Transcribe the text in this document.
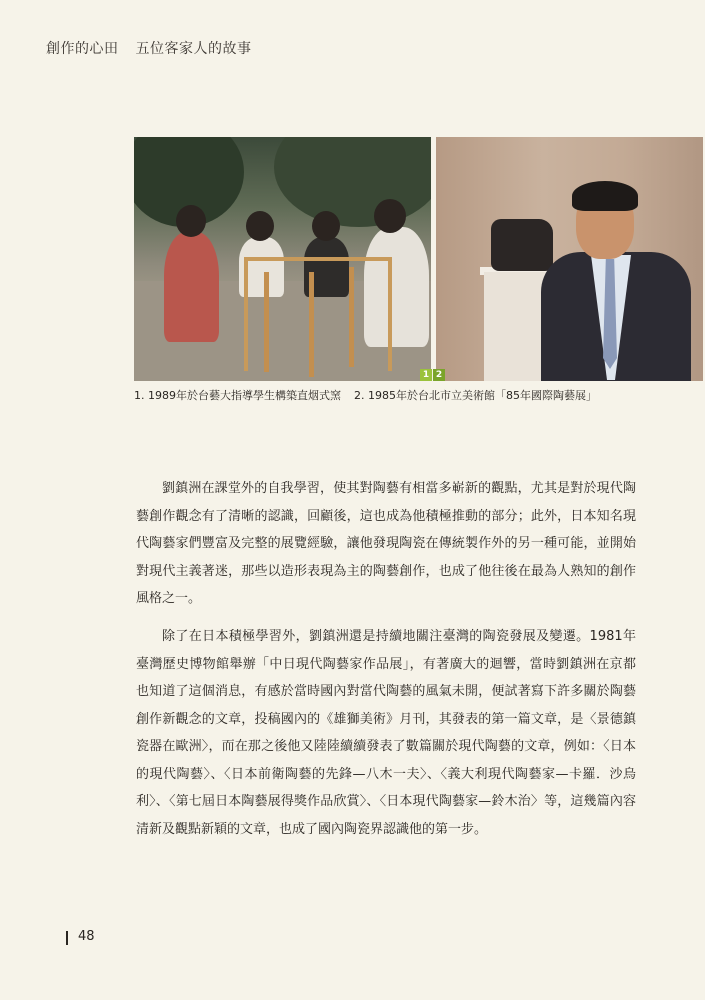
創作的心田 五位客家人的故事
1 2
1. 1989年於台藝大指導學生構築直烟式窯 2. 1985年於台北市立美術館「85年國際陶藝展」

劉鎮洲在課堂外的自我學習，使其對陶藝有相當多嶄新的觀點，尤其是對於現代陶藝創作觀念有了清晰的認識，回顧後，這也成為他積極推動的部分；此外，日本知名現代陶藝家們豐富及完整的展覽經驗，讓他發現陶瓷在傳統製作外的另一種可能，並開始對現代主義著迷，那些以造形表現為主的陶藝創作，也成了他往後在最為人熟知的創作風格之一。

除了在日本積極學習外，劉鎮洲還是持續地關注臺灣的陶瓷發展及變遷。1981年臺灣歷史博物館舉辦「中日現代陶藝家作品展」，有著廣大的迴響，當時劉鎮洲在京都也知道了這個消息，有感於當時國內對當代陶藝的風氣未開，便試著寫下許多關於陶藝創作新觀念的文章，投稿國內的《雄獅美術》月刊，其發表的第一篇文章，是〈景德鎮瓷器在歐洲〉，而在那之後他又陸陸續續發表了數篇關於現代陶藝的文章，例如：〈日本的現代陶藝〉、〈日本前衛陶藝的先鋒—八木一夫〉、〈義大利現代陶藝家—卡羅．沙烏利〉、〈第七屆日本陶藝展得獎作品欣賞〉、〈日本現代陶藝家—鈴木治〉等，這幾篇內容清新及觀點新穎的文章，也成了國內陶瓷界認識他的第一步。

48
